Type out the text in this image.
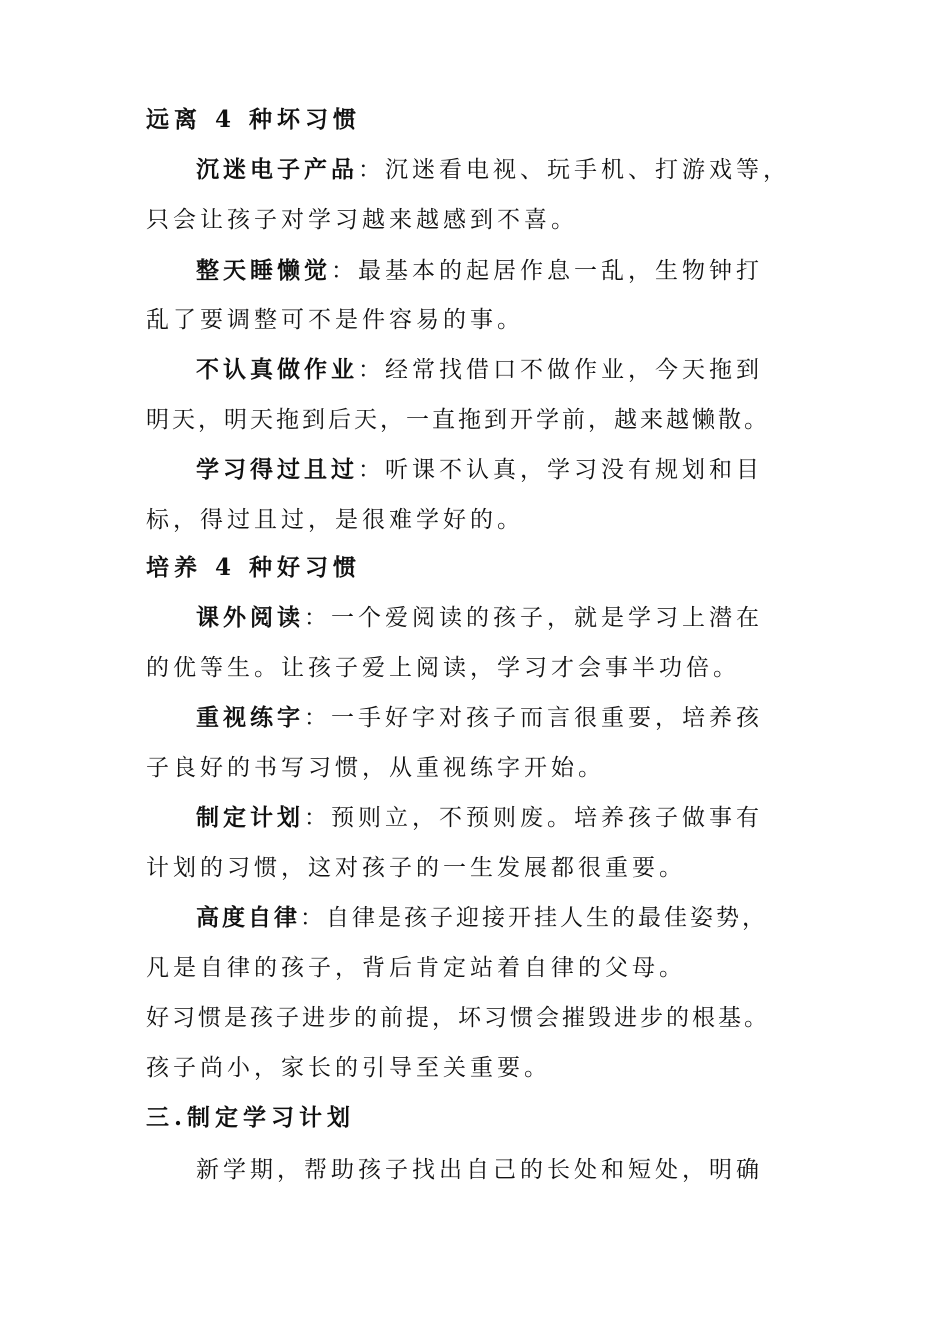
远离 4 种坏习惯
沉迷电子产品：沉迷看电视、玩手机、打游戏等，
只会让孩子对学习越来越感到不喜。
整天睡懒觉：最基本的起居作息一乱，生物钟打
乱了要调整可不是件容易的事。
不认真做作业：经常找借口不做作业，今天拖到
明天，明天拖到后天，一直拖到开学前，越来越懒散。
学习得过且过：听课不认真，学习没有规划和目
标，得过且过，是很难学好的。
培养 4 种好习惯
课外阅读：一个爱阅读的孩子，就是学习上潜在
的优等生。让孩子爱上阅读，学习才会事半功倍。
重视练字：一手好字对孩子而言很重要，培养孩
子良好的书写习惯，从重视练字开始。
制定计划：预则立，不预则废。培养孩子做事有
计划的习惯，这对孩子的一生发展都很重要。
高度自律：自律是孩子迎接开挂人生的最佳姿势，
凡是自律的孩子，背后肯定站着自律的父母。
好习惯是孩子进步的前提，坏习惯会摧毁进步的根基。
孩子尚小，家长的引导至关重要。
三.制定学习计划
新学期，帮助孩子找出自己的长处和短处，明确
